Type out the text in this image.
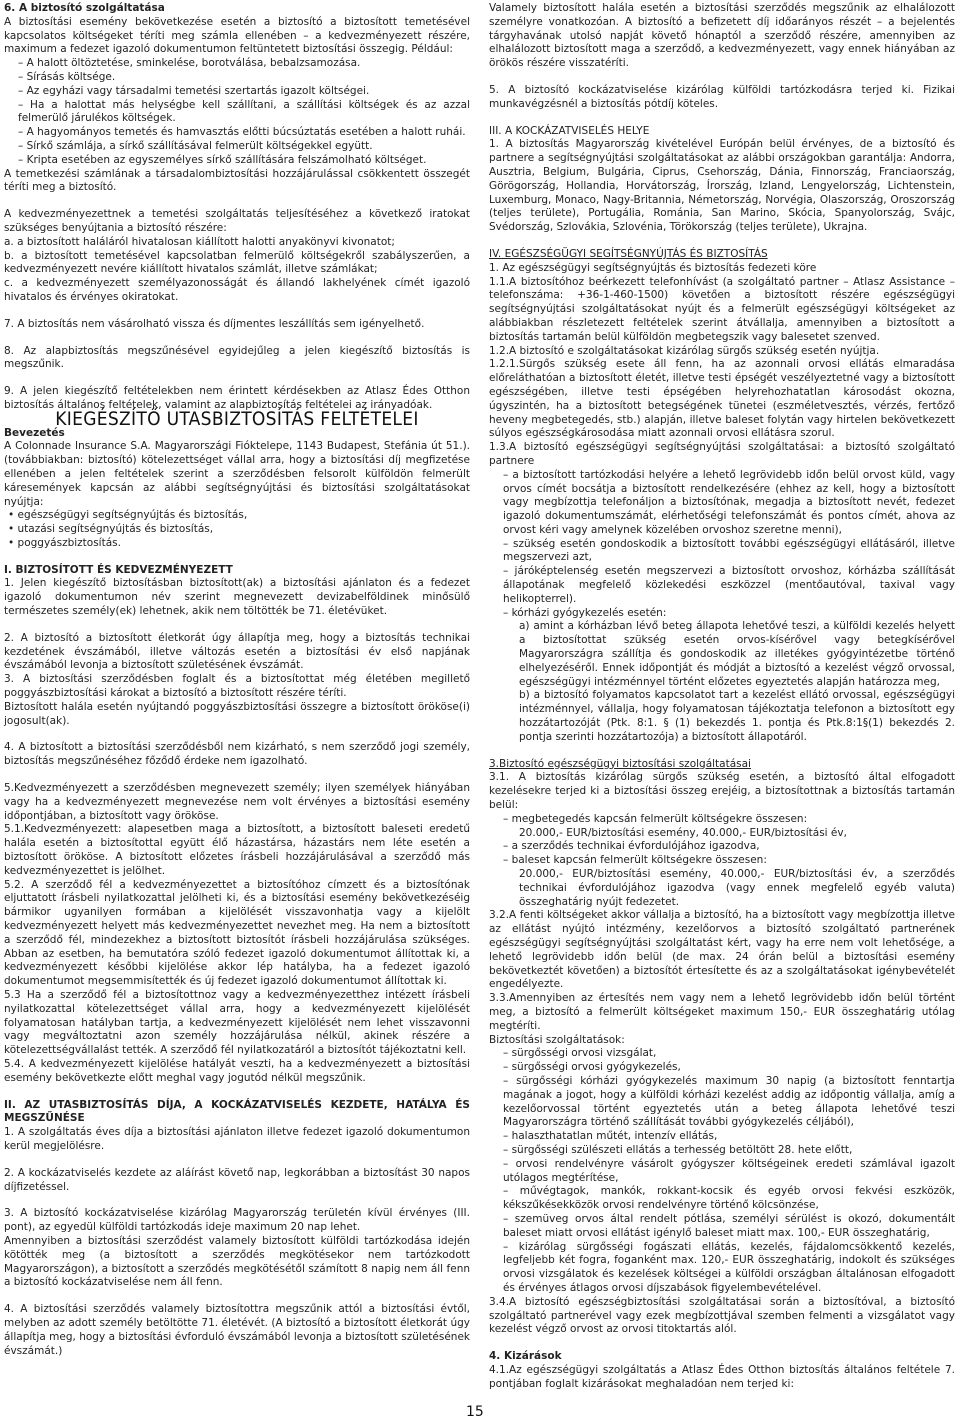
6. A biztosító szolgáltatása

A biztosítási esemény bekövetkezése esetén a biztosító a biztosított temetésével kapcsolatos költségeket téríti meg számla ellenében – a kedvezményezett részére, maximum a fedezet igazoló dokumentumon feltüntetett biztosítási összegig. Például:

– A halott öltöztetése, sminkelése, borotválása, bebalzsamozása.

– Sírásás költsége.

– Az egyházi vagy társadalmi temetési szertartás igazolt költségei.

– Ha a halottat más helységbe kell szállítani, a szállítási költségek és az azzal felmerülő járulékos költségek.

– A hagyományos temetés és hamvasztás előtti búcsúztatás esetében a halott ruhái.

– Sírkő számlája, a sírkő szállításával felmerült költségekkel együtt.

– Kripta esetében az egyszemélyes sírkő szállítására felszámolható költséget.

A temetkezési számlának a társadalombiztosítási hozzájárulással csökkentett összegét téríti meg a biztosító.

A kedvezményezettnek a temetési szolgáltatás teljesítéséhez a következő iratokat szükséges benyújtania a biztosító részére:

a. a biztosított haláláról hivatalosan kiállított halotti anyakönyvi kivonatot;

b. a biztosított temetésével kapcsolatban felmerülő költségekről szabályszerűen, a kedvezményezett nevére kiállított hivatalos számlát, illetve számlákat;

c. a kedvezményezett személyazonosságát és állandó lakhelyének címét igazoló hivatalos és érvényes okiratokat.

7. A biztosítás nem vásárolható vissza és díjmentes leszállítás sem igényelhető.

8. Az alapbiztosítás megszűnésével egyidejűleg a jelen kiegészítő biztosítás is megszűnik.

9. A jelen kiegészítő feltételekben nem érintett kérdésekben az Atlasz Édes Otthon biztosítás általános feltételek, valamint az alapbiztosítás feltételei az irányadóak.

KIEGÉSZÍTŐ UTASBIZTOSÍTÁS FELTÉTELEI

Bevezetés

A Colonnade Insurance S.A. Magyarországi Fióktelepe, 1143 Budapest, Stefánia út 51.). (továbbiakban: biztosító) kötelezettséget vállal arra, hogy a biztosítási díj megfizetése ellenében a jelen feltételek szerint a szerződésben felsorolt külföldön felmerült káresemények kapcsán az alábbi segítségnyújtási és biztosítási szolgáltatásokat nyújtja:

• egészségügyi segítségnyújtás és biztosítás,

• utazási segítségnyújtás és biztosítás,

• poggyászbiztosítás.

I. BIZTOSÍTOTT ÉS KEDVEZMÉNYEZETT

1. Jelen kiegészítő biztosításban biztosított(ak) a biztosítási ajánlaton és a fedezet igazoló dokumentumon név szerint megnevezett devizabelföldinek minősülő természetes személy(ek) lehetnek, akik nem töltötték be 71. életévüket.

2. A biztosító a biztosított életkorát úgy állapítja meg, hogy a biztosítás technikai kezdetének évszámából, illetve változás esetén a biztosítási év első napjának évszámából levonja a biztosított születésének évszámát.

3. A biztosítási szerződésben foglalt és a biztosítottat még életében megillető poggyászbiztosítási károkat a biztosító a biztosított részére téríti.

Biztosított halála esetén nyújtandó poggyászbiztosítási összegre a biztosított örököse(i) jogosult(ak).

4. A biztosított a biztosítási szerződésből nem kizárható, s nem szerződő jogi személy, biztosítás megszűnéséhez főződő érdeke nem igazolható.

5.Kedvezményezett a szerződésben megnevezett személy; ilyen személyek hiányában vagy ha a kedvezményezett megnevezése nem volt érvényes a biztosítási esemény időpontjában, a biztosított vagy örököse.

5.1.Kedvezményezett: alapesetben maga a biztosított, a biztosított baleseti eredetű halála esetén a biztosítottal együtt élő házastársa, házastárs nem léte esetén a biztosított örököse. A biztosított előzetes írásbeli hozzájárulásával a szerződő más kedvezményezettet is jelölhet.

5.2. A szerződő fél a kedvezményezettet a biztosítóhoz címzett és a biztosítónak eljuttatott írásbeli nyilatkozattal jelölheti ki, és a biztosítási esemény bekövetkezéséig bármikor ugyanilyen formában a kijelölését visszavonhatja vagy a kijelölt kedvezményezett helyett más kedvezményezettet nevezhet meg. Ha nem a biztosított a szerződő fél, mindezekhez a biztosított biztosítót írásbeli hozzájárulása szükséges. Abban az esetben, ha bemutatóra szóló fedezet igazoló dokumentumot állítottak ki, a kedvezményezett későbbi kijelölése akkor lép hatályba, ha a fedezet igazoló dokumentumot megsemmisítették és új fedezet igazoló dokumentumot állítottak ki.

5.3 Ha a szerződő fél a biztosítottnoz vagy a kedvezményezetthez intézett írásbeli nyilatkozattal kötelezettséget vállal arra, hogy a kedvezményezett kijelölését folyamatosan hatályban tartja, a kedvezményezett kijelölését nem lehet visszavonni vagy megváltoztatni azon személy hozzájárulása nélkül, akinek részére a kötelezettségvállalást tették. A szerződő fél nyilatkozatáról a biztosítót tájékoztatni kell.

5.4. A kedvezményezett kijelölése hatályát veszti, ha a kedvezményezett a biztosítási esemény bekövetkezte előtt meghal vagy jogutód nélkül megszűnik.

II. AZ UTASBIZTOSÍTÁS DÍJA, A KOCKÁZATVISELÉS KEZDETE, HATÁLYA ÉS MEGSZŰNÉSE

1. A szolgáltatás éves díja a biztosítási ajánlaton illetve fedezet igazoló dokumentumon kerül megjelölésre.

2. A kockázatviselés kezdete az aláírást követő nap, legkorábban a biztosítást 30 napos díjfizetéssel.

3. A biztosító kockázatviselése kizárólag Magyarország területén kívül érvényes (III. pont), az egyedül külföldi tartózkodás ideje maximum 20 nap lehet.

Amennyiben a biztosítási szerződést valamely biztosított külföldi tartózkodása idején kötötték meg (a biztosított a szerződés megkötésekor nem tartózkodott Magyarországon), a biztosított a szerződés megkötésétől számított 8 napig nem áll fenn a biztosító kockázatviselése nem áll fenn.

4. A biztosítási szerződés valamely biztosítottra megszűnik attól a biztosítási évtől, melyben az adott személy betöltötte 71. életévét. (A biztosító a biztosított életkorát úgy állapítja meg, hogy a biztosítási évforduló évszámából levonja a biztosított születésének évszámát.)

Valamely biztosított halála esetén a biztosítási szerződés megszűnik az elhalálozott személyre vonatkozóan. A biztosító a befizetett díj időarányos részét – a bejelentés tárgyhavának utolsó napját követő hónaptól a szerződő részére, amennyiben az elhalálozott biztosított maga a szerződő, a kedvezményezett, vagy ennek hiányában az örökös részére visszatéríti.

5. A biztosító kockázatviselése kizárólag külföldi tartózkodásra terjed ki. Fizikai munkavégzésnél a biztosítás pótdíj köteles.

III. A KOCKÁZATVISELÉS HELYE

1. A biztosítás Magyarország kivételével Európán belül érvényes, de a biztosító és partnere a segítségnyújtási szolgáltatásokat az alábbi országokban garantálja: Andorra, Ausztria, Belgium, Bulgária, Ciprus, Csehország, Dánia, Finnország, Franciaország, Görögország, Hollandia, Horvátország, Írország, Izland, Lengyelország, Lichtenstein, Luxemburg, Monaco, Nagy-Britannia, Németország, Norvégia, Olaszország, Oroszország (teljes területe), Portugália, Románia, San Marino, Skócia, Spanyolország, Svájc, Svédország, Szlovákia, Szlovénia, Törökország (teljes területe), Ukrajna.

IV. EGÉSZSÉGÜGYI SEGÍTSÉGNYÚJTÁS ÉS BIZTOSÍTÁS

1. Az egészségügyi segítségnyújtás és biztosítás fedezeti köre

1.1.A biztosítóhoz beérkezett telefonhívást (a szolgáltató partner – Atlasz Assistance – telefonszáma: +36-1-460-1500) követően a biztosított részére egészségügyi segítségnyújtási szolgáltatásokat nyújt és a felmerült egészségügyi költségeket az alábbiakban részletezett feltételek szerint átvállalja, amennyiben a biztosított a biztosítás tartamán belül külföldön megbetegszik vagy balesetet szenved.

1.2.A biztosító e szolgáltatásokat kizárólag sürgős szükség esetén nyújtja.

1.2.1.Sürgős szükség esete áll fenn, ha az azonnali orvosi ellátás elmaradása előreláthatóan a biztosított életét, illetve testi épségét veszélyeztetné vagy a biztosított egészségében, illetve testi épségében helyrehozhatatlan károsodást okozna, úgyszintén, ha a biztosított betegségének tünetei (eszméletvesztés, vérzés, fertőző heveny megbetegedés, stb.) alapján, illetve baleset folytán vagy hirtelen bekövetkezett súlyos egészségkárosodása miatt azonnali orvosi ellátásra szorul.

1.3.A biztosító egészségügyi segítségnyújtási szolgáltatásai: a biztosító szolgáltató partnere

– a biztosított tartózkodási helyére a lehető legrövidebb időn belül orvost küld, vagy orvos címét bocsátja a biztosított rendelkezésére (ehhez az kell, hogy a biztosított vagy megbízottja telefonáljon a biztosítónak, megadja a biztosított nevét, fedezet igazoló dokumentumszámát, elérhetőségi telefonszámát és pontos címét, ahova az orvost kéri vagy amelynek közelében orvoshoz szeretne menni),

– szükség esetén gondoskodik a biztosított további egészségügyi ellátásáról, illetve megszervezi azt,

– járóképtelenség esetén megszervezi a biztosított orvoshoz, kórházba szállítását állapotának megfelelő közlekedési eszközzel (mentőautóval, taxival vagy helikopterrel).

– kórházi gyógykezelés esetén:

a) amint a kórházban lévő beteg állapota lehetővé teszi, a külföldi kezelés helyett a biztosítottat szükség esetén orvos-kísérővel vagy betegkísérővel Magyarországra szállítja és gondoskodik az illetékes gyógyintézetbe történő elhelyezéséről. Ennek időpontját és módját a biztosító a kezelést végző orvossal, egészségügyi intézménnyel történt előzetes egyeztetés alapján határozza meg,

b) a biztosító folyamatos kapcsolatot tart a kezelést ellátó orvossal, egészségügyi intézménnyel, vállalja, hogy folyamatosan tájékoztatja telefonon a biztosított egy hozzátartozóját (Ptk. 8:1. § (1) bekezdés 1. pontja és Ptk.8:1§(1) bekezdés 2. pontja szerinti hozzátartozója) a biztosított állapotáról.

3.Biztosító egészségügyi biztosítási szolgáltatásai

3.1. A biztosítás kizárólag sürgős szükség esetén, a biztosító által elfogadott kezelésekre terjed ki a biztosítási összeg erejéig, a biztosítottnak a biztosítás tartamán belül:

– megbetegedés kapcsán felmerült költségekre összesen:

20.000,- EUR/biztosítási esemény, 40.000,- EUR/biztosítási év,

– a szerződés technikai évfordulójához igazodva,

– baleset kapcsán felmerült költségekre összesen:

20.000,- EUR/biztosítási esemény, 40.000,- EUR/biztosítási év, a szerződés technikai évfordulójához igazodva (vagy ennek megfelelő egyéb valuta) összeghatárig nyújt fedezetet.

3.2.A fenti költségeket akkor vállalja a biztosító, ha a biztosított vagy megbízottja illetve az ellátást nyújtó intézmény, kezelőorvos a biztosító szolgáltató partnerének egészségügyi segítségnyújtási szolgáltatást kért, vagy ha erre nem volt lehetősége, a lehető legrövidebb időn belül (de max. 24 órán belül a biztosítási esemény bekövetkeztét követően) a biztosítót értesítette és az a szolgáltatásokat igénybevételét engedélyezte.

3.3.Amennyiben az értesítés nem vagy nem a lehető legrövidebb időn belül történt meg, a biztosító a felmerült költségeket maximum 150,- EUR összeghatárig utólag megtéríti.

Biztosítási szolgáltatások:

– sürgősségi orvosi vizsgálat,

– sürgősségi orvosi gyógykezelés,

– sürgősségi kórházi gyógykezelés maximum 30 napig (a biztosított fenntartja magának a jogot, hogy a külföldi kórházi kezelést addig az időpontig vállalja, amíg a kezelőorvossal történt egyeztetés után a beteg állapota lehetővé teszi Magyarországra történő szállítását további gyógykezelés céljából),

– halaszthatatlan műtét, intenzív ellátás,

– sürgősségi szülészeti ellátás a terhesség betöltött 28. hete előtt,

– orvosi rendelvényre vásárolt gyógyszer költségeinek eredeti számlával igazolt utólagos megtérítése,

– művégtagok, mankók, rokkant-kocsik és egyéb orvosi fekvési eszközök, kékszűkésekközök orvosi rendelvényre történő kölcsönzése,

– szemüveg orvos által rendelt pótlása, személyi sérülést is okozó, dokumentált baleset miatt orvosi ellátást igénylő baleset miatt max. 100,- EUR összeghatárig,

– kizárólag sürgősségi fogászati ellátás, kezelés, fájdalomcsökkentő kezelés, legfeljebb két fogra, foganként max. 120,- EUR összeghatárig, indokolt és szükséges orvosi vizsgálatok és kezelések költségei a külföldi országban általánosan elfogadott és érvényes átlagos orvosi díjszabások figyelembevételével.

3.4.A biztosító egészségbiztosítási szolgáltatásai során a biztosítóval, a biztosító szolgáltató partnerével vagy ezek megbízottjával szemben felmenti a vizsgálatot vagy kezelést végző orvost az orvosi titoktartás alól.

4. Kizárások

4.1.Az egészségügyi szolgáltatás a Atlasz Édes Otthon biztosítás általános feltétele 7. pontjában foglalt kizárásokat meghaladóan nem terjed ki:

15
